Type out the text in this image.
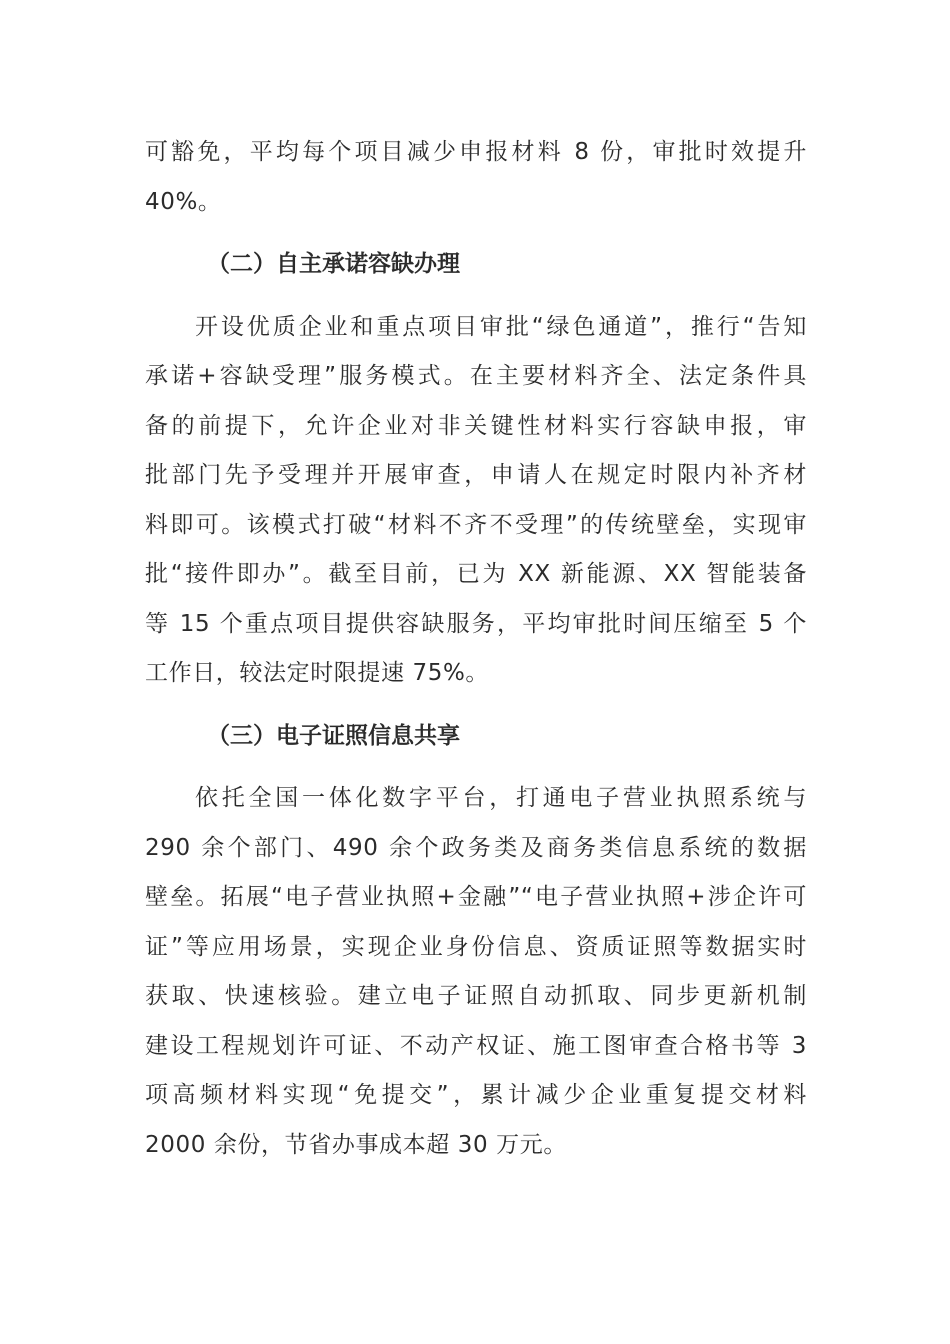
可豁免，平均每个项目减少申报材料 8 份，审批时效提升
40%。
（二）自主承诺容缺办理
开设优质企业和重点项目审批“绿色通道”，推行“告知
承诺+容缺受理”服务模式。在主要材料齐全、法定条件具
备的前提下，允许企业对非关键性材料实行容缺申报，审
批部门先予受理并开展审查，申请人在规定时限内补齐材
料即可。该模式打破“材料不齐不受理”的传统壁垒，实现审
批“接件即办”。截至目前，已为 XX 新能源、XX 智能装备
等 15 个重点项目提供容缺服务，平均审批时间压缩至 5 个
工作日，较法定时限提速 75%。
（三）电子证照信息共享
依托全国一体化数字平台，打通电子营业执照系统与
290 余个部门、490 余个政务类及商务类信息系统的数据
壁垒。拓展“电子营业执照+金融”“电子营业执照+涉企许可
证”等应用场景，实现企业身份信息、资质证照等数据实时
获取、快速核验。建立电子证照自动抓取、同步更新机制
建设工程规划许可证、不动产权证、施工图审查合格书等 3
项高频材料实现“免提交”，累计减少企业重复提交材料
2000 余份，节省办事成本超 30 万元。
